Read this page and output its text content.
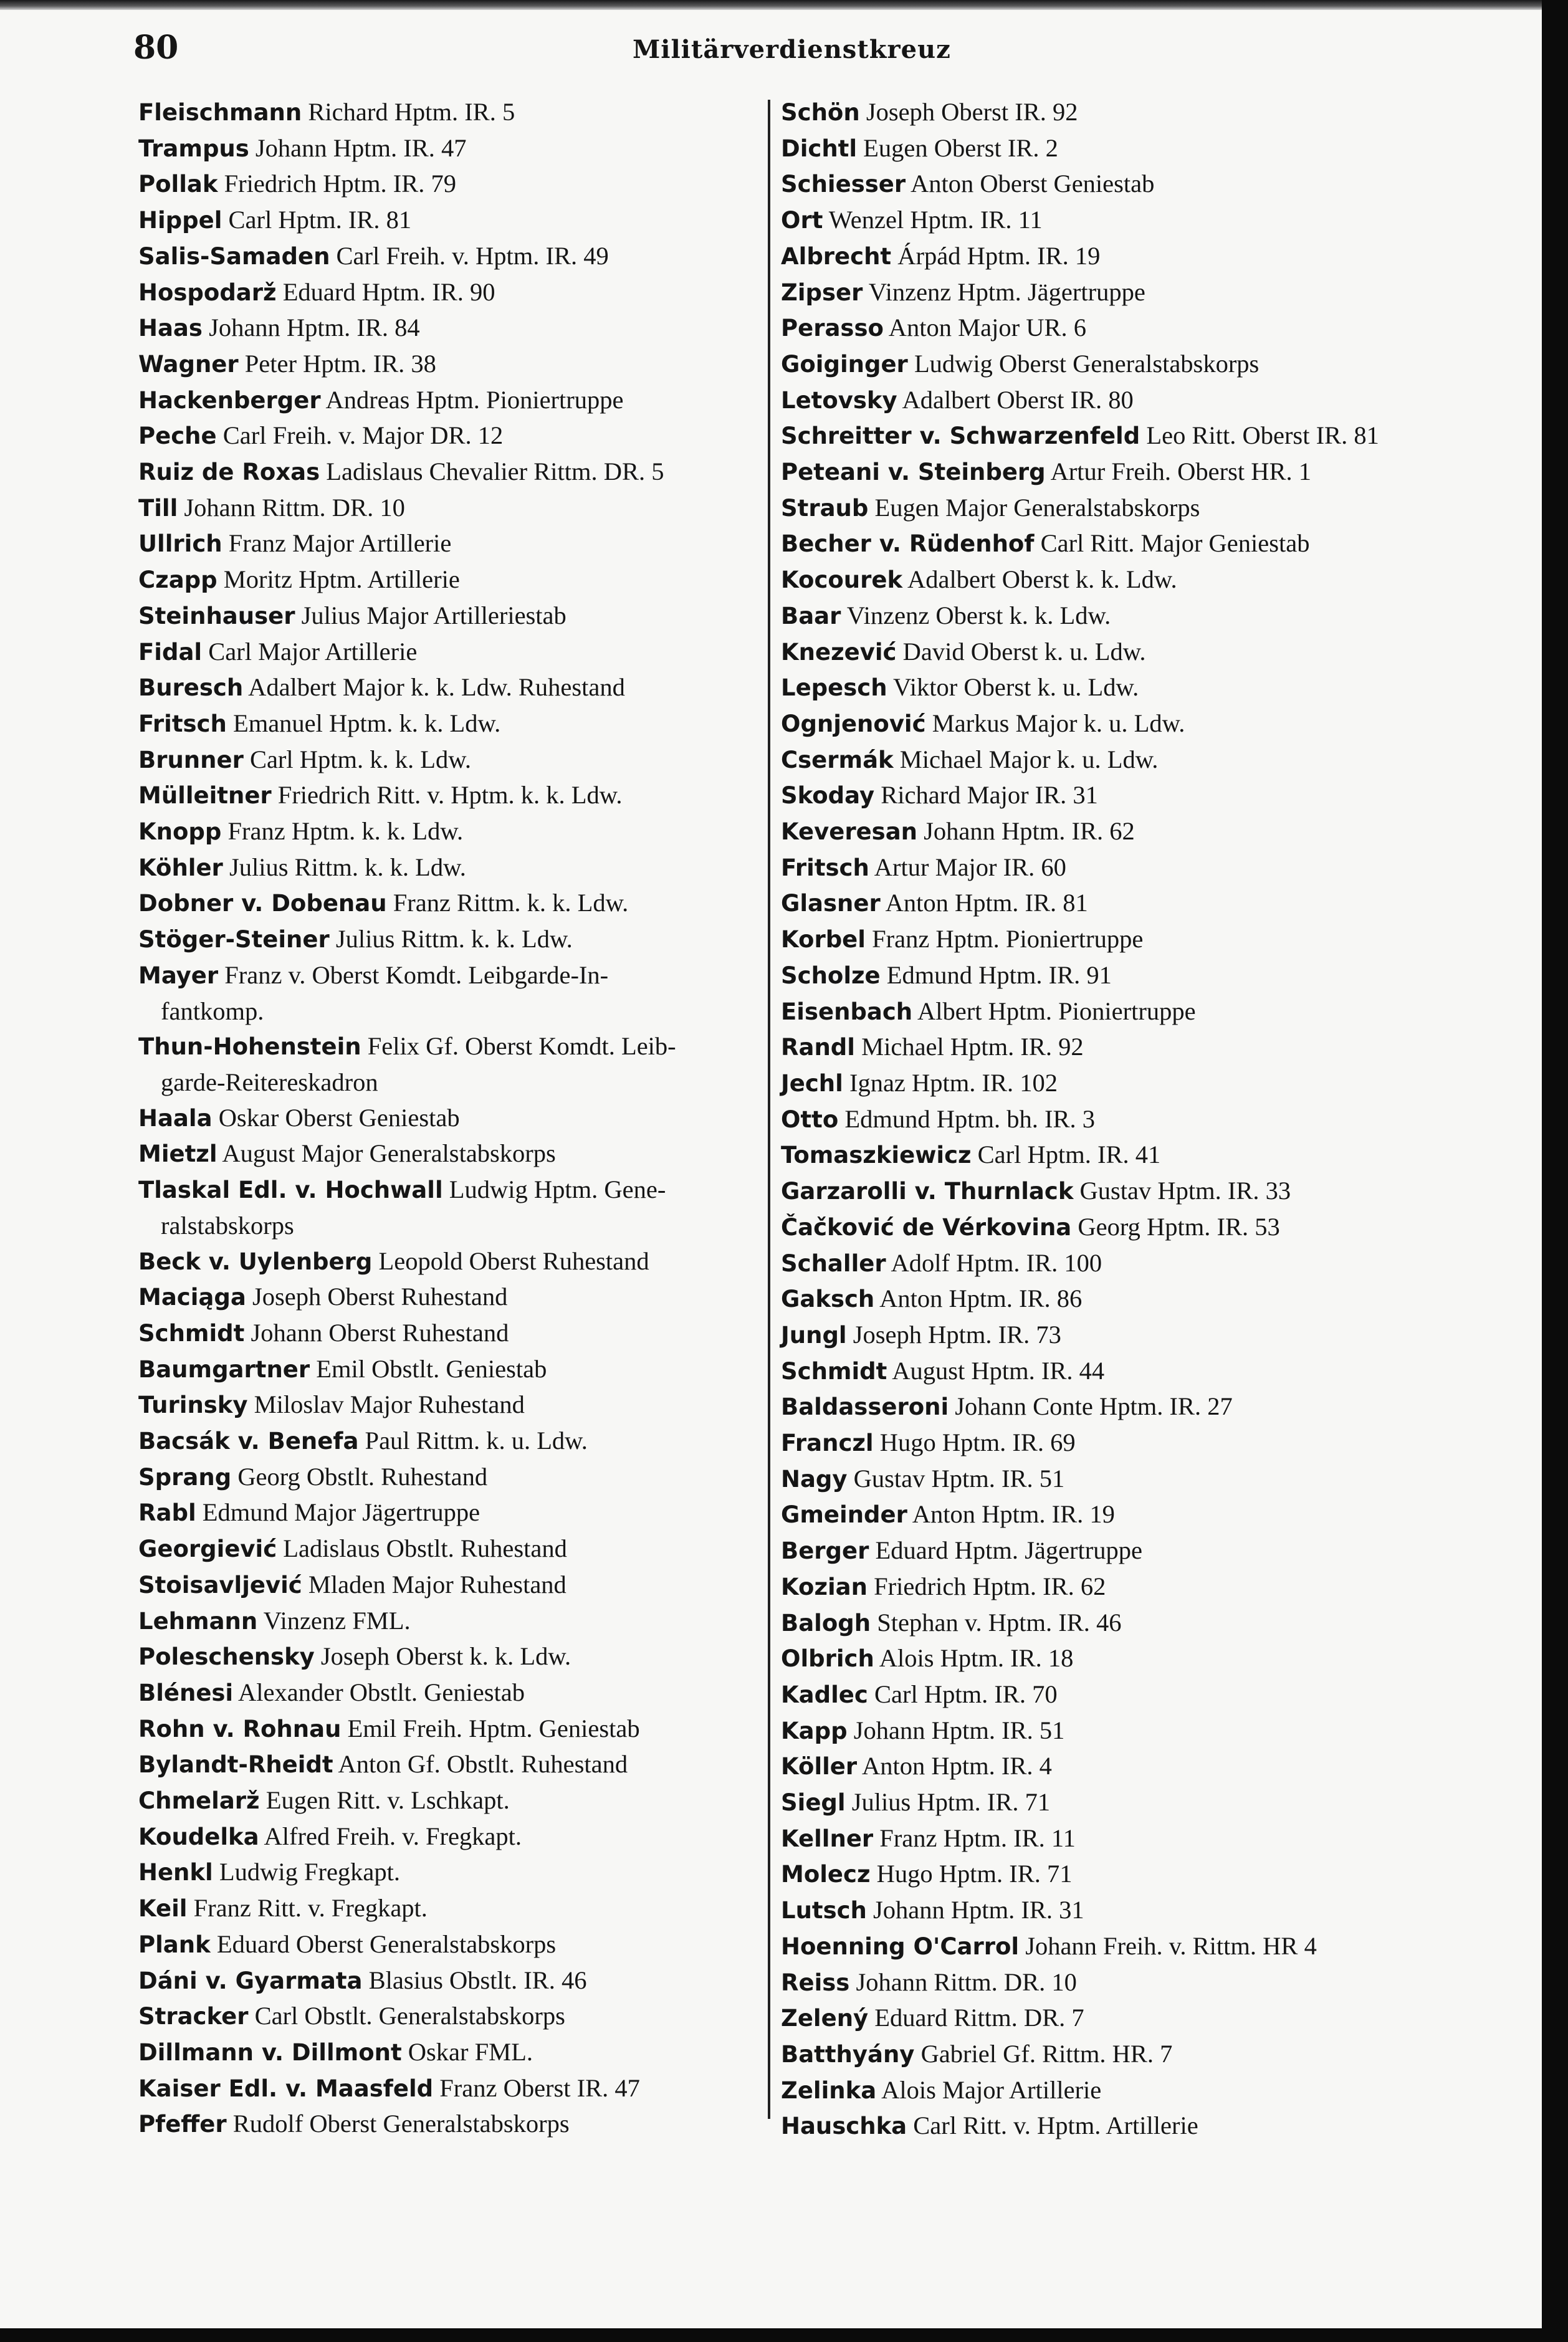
80	Militärverdienstkreuz
Fleischmann Richard Hptm. IR. 5
Trampus Johann Hptm. IR. 47
Pollak Friedrich Hptm. IR. 79
Hippel Carl Hptm. IR. 81
Salis-Samaden Carl Freih. v. Hptm. IR. 49
Hospodarž Eduard Hptm. IR. 90
Haas Johann Hptm. IR. 84
Wagner Peter Hptm. IR. 38
Hackenberger Andreas Hptm. Pioniertruppe
Peche Carl Freih. v. Major DR. 12
Ruiz de Roxas Ladislaus Chevalier Rittm. DR. 5
Till Johann Rittm. DR. 10
Ullrich Franz Major Artillerie
Czapp Moritz Hptm. Artillerie
Steinhauser Julius Major Artilleriestab
Fidal Carl Major Artillerie
Buresch Adalbert Major k. k. Ldw. Ruhestand
Fritsch Emanuel Hptm. k. k. Ldw.
Brunner Carl Hptm. k. k. Ldw.
Mülleitner Friedrich Ritt. v. Hptm. k. k. Ldw.
Knopp Franz Hptm. k. k. Ldw.
Köhler Julius Rittm. k. k. Ldw.
Dobner v. Dobenau Franz Rittm. k. k. Ldw.
Stöger-Steiner Julius Rittm. k. k. Ldw.
Mayer Franz v. Oberst Komdt. Leibgarde-In-
fantkomp.
Thun-Hohenstein Felix Gf. Oberst Komdt. Leib-
garde-Reitereskadron
Haala Oskar Oberst Geniestab
Mietzl August Major Generalstabskorps
Tlaskal Edl. v. Hochwall Ludwig Hptm. Gene-
ralstabskorps
Beck v. Uylenberg Leopold Oberst Ruhestand
Maciąga Joseph Oberst Ruhestand
Schmidt Johann Oberst Ruhestand
Baumgartner Emil Obstlt. Geniestab
Turinsky Miloslav Major Ruhestand
Bacsák v. Benefa Paul Rittm. k. u. Ldw.
Sprang Georg Obstlt. Ruhestand
Rabl Edmund Major Jägertruppe
Georgiević Ladislaus Obstlt. Ruhestand
Stoisavljević Mladen Major Ruhestand
Lehmann Vinzenz FML.
Poleschensky Joseph Oberst k. k. Ldw.
Blénesi Alexander Obstlt. Geniestab
Rohn v. Rohnau Emil Freih. Hptm. Geniestab
Bylandt-Rheidt Anton Gf. Obstlt. Ruhestand
Chmelarž Eugen Ritt. v. Lschkapt.
Koudelka Alfred Freih. v. Fregkapt.
Henkl Ludwig Fregkapt.
Keil Franz Ritt. v. Fregkapt.
Plank Eduard Oberst Generalstabskorps
Dáni v. Gyarmata Blasius Obstlt. IR. 46
Stracker Carl Obstlt. Generalstabskorps
Dillmann v. Dillmont Oskar FML.
Kaiser Edl. v. Maasfeld Franz Oberst IR. 47
Pfeffer Rudolf Oberst Generalstabskorps
Schön Joseph Oberst IR. 92
Dichtl Eugen Oberst IR. 2
Schiesser Anton Oberst Geniestab
Ort Wenzel Hptm. IR. 11
Albrecht Árpád Hptm. IR. 19
Zipser Vinzenz Hptm. Jägertruppe
Perasso Anton Major UR. 6
Goiginger Ludwig Oberst Generalstabskorps
Letovsky Adalbert Oberst IR. 80
Schreitter v. Schwarzenfeld Leo Ritt. Oberst IR. 81
Peteani v. Steinberg Artur Freih. Oberst HR. 1
Straub Eugen Major Generalstabskorps
Becher v. Rüdenhof Carl Ritt. Major Geniestab
Kocourek Adalbert Oberst k. k. Ldw.
Baar Vinzenz Oberst k. k. Ldw.
Knezević David Oberst k. u. Ldw.
Lepesch Viktor Oberst k. u. Ldw.
Ognjenović Markus Major k. u. Ldw.
Csermák Michael Major k. u. Ldw.
Skoday Richard Major IR. 31
Keveresan Johann Hptm. IR. 62
Fritsch Artur Major IR. 60
Glasner Anton Hptm. IR. 81
Korbel Franz Hptm. Pioniertruppe
Scholze Edmund Hptm. IR. 91
Eisenbach Albert Hptm. Pioniertruppe
Randl Michael Hptm. IR. 92
Jechl Ignaz Hptm. IR. 102
Otto Edmund Hptm. bh. IR. 3
Tomaszkiewicz Carl Hptm. IR. 41
Garzarolli v. Thurnlack Gustav Hptm. IR. 33
Čačković de Vérkovina Georg Hptm. IR. 53
Schaller Adolf Hptm. IR. 100
Gaksch Anton Hptm. IR. 86
Jungl Joseph Hptm. IR. 73
Schmidt August Hptm. IR. 44
Baldasseroni Johann Conte Hptm. IR. 27
Franczl Hugo Hptm. IR. 69
Nagy Gustav Hptm. IR. 51
Gmeinder Anton Hptm. IR. 19
Berger Eduard Hptm. Jägertruppe
Kozian Friedrich Hptm. IR. 62
Balogh Stephan v. Hptm. IR. 46
Olbrich Alois Hptm. IR. 18
Kadlec Carl Hptm. IR. 70
Kapp Johann Hptm. IR. 51
Köller Anton Hptm. IR. 4
Siegl Julius Hptm. IR. 71
Kellner Franz Hptm. IR. 11
Molecz Hugo Hptm. IR. 71
Lutsch Johann Hptm. IR. 31
Hoenning O'Carrol Johann Freih. v. Rittm. HR 4
Reiss Johann Rittm. DR. 10
Zelený Eduard Rittm. DR. 7
Batthyány Gabriel Gf. Rittm. HR. 7
Zelinka Alois Major Artillerie
Hauschka Carl Ritt. v. Hptm. Artillerie
